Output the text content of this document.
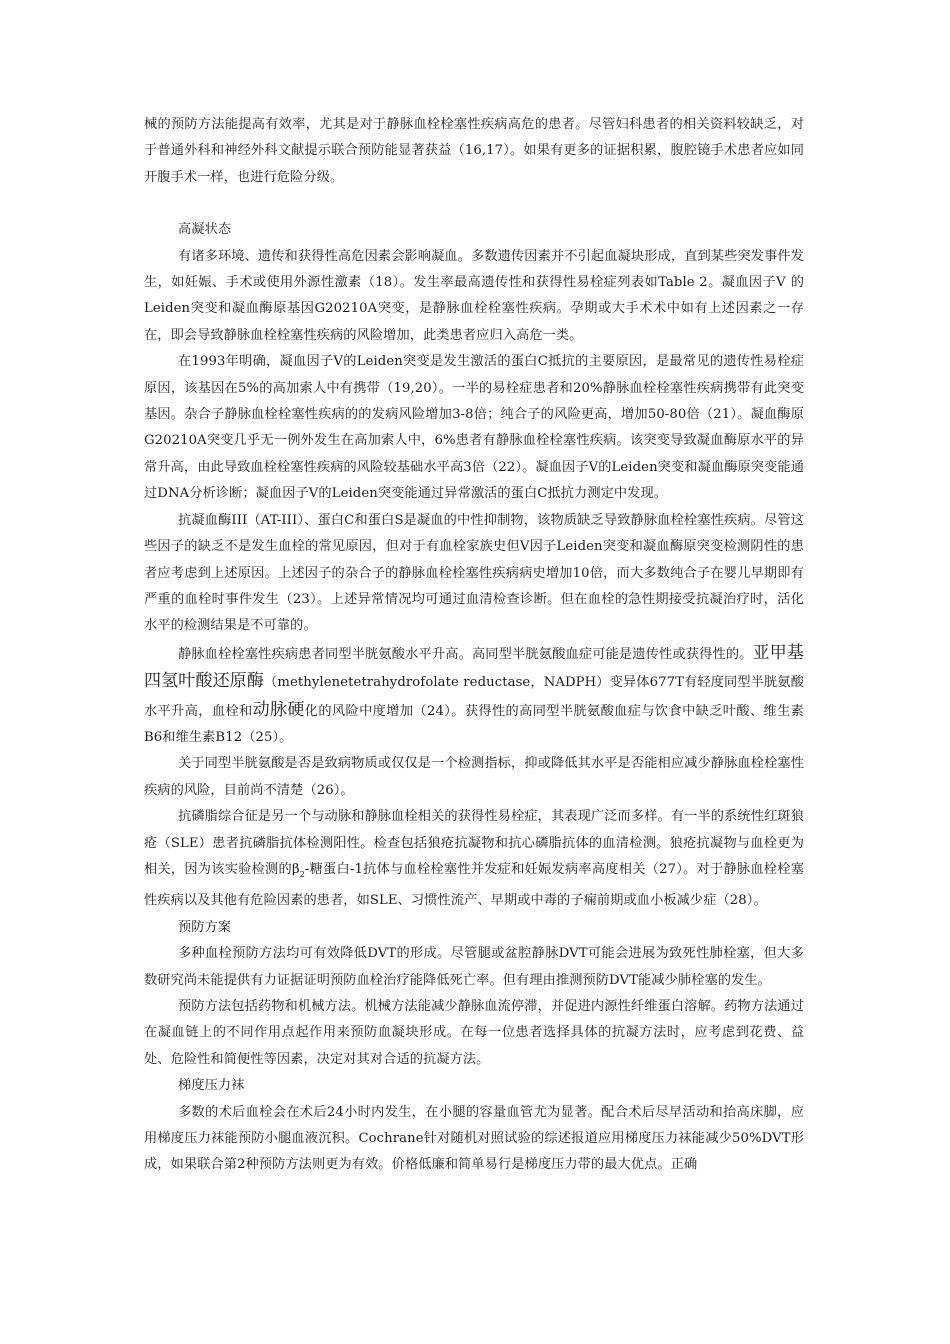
械的预防方法能提高有效率，尤其是对于静脉血栓栓塞性疾病高危的患者。尽管妇科患者的相关资料较缺乏，对于普通外科和神经外科文献提示联合预防能显著获益（16,17）。如果有更多的证据积累，腹腔镜手术患者应如同开腹手术一样，也进行危险分级。

高凝状态

有诸多环境、遗传和获得性高危因素会影响凝血。多数遗传因素并不引起血凝块形成，直到某些突发事件发生，如妊娠、手术或使用外源性激素（18）。发生率最高遗传性和获得性易栓症列表如Table 2。凝血因子Ⅴ 的Leiden突变和凝血酶原基因G20210A突变，是静脉血栓栓塞性疾病。孕期或大手术术中如有上述因素之一存在，即会导致静脉血栓栓塞性疾病的风险增加，此类患者应归入高危一类。

在1993年明确，凝血因子Ⅴ的Leiden突变是发生激活的蛋白C抵抗的主要原因，是最常见的遗传性易栓症原因，该基因在5%的高加索人中有携带（19,20）。一半的易栓症患者和20%静脉血栓栓塞性疾病携带有此突变基因。杂合子静脉血栓栓塞性疾病的的发病风险增加3-8倍；纯合子的风险更高，增加50-80倍（21）。凝血酶原G20210A突变几乎无一例外发生在高加索人中，6%患者有静脉血栓栓塞性疾病。该突变导致凝血酶原水平的异常升高，由此导致血栓栓塞性疾病的风险较基础水平高3倍（22）。凝血因子Ⅴ的Leiden突变和凝血酶原突变能通过DNA分析诊断；凝血因子Ⅴ的Leiden突变能通过异常激活的蛋白C抵抗力测定中发现。

抗凝血酶III（AT-III）、蛋白C和蛋白S是凝血的中性抑制物，该物质缺乏导致静脉血栓栓塞性疾病。尽管这些因子的缺乏不是发生血栓的常见原因，但对于有血栓家族史但Ⅴ因子Leiden突变和凝血酶原突变检测阴性的患者应考虑到上述原因。上述因子的杂合子的静脉血栓栓塞性疾病病史增加10倍，而大多数纯合子在婴儿早期即有严重的血栓时事件发生（23）。上述异常情况均可通过血清检查诊断。但在血栓的急性期接受抗凝治疗时，活化水平的检测结果是不可靠的。

静脉血栓栓塞性疾病患者同型半胱氨酸水平升高。高同型半胱氨酸血症可能是遗传性或获得性的。亚甲基四氢叶酸还原酶（methylenetetrahydrofolate reductase，NADPH）变异体677T有轻度同型半胱氨酸水平升高，血栓和动脉硬化的风险中度增加（24）。获得性的高同型半胱氨酸血症与饮食中缺乏叶酸、维生素B6和维生素B12（25）。

关于同型半胱氨酸是否是致病物质或仅仅是一个检测指标，抑或降低其水平是否能相应减少静脉血栓栓塞性疾病的风险，目前尚不清楚（26）。

抗磷脂综合征是另一个与动脉和静脉血栓相关的获得性易栓症，其表现广泛而多样。有一半的系统性红斑狼疮（SLE）患者抗磷脂抗体检测阳性。检查包括狼疮抗凝物和抗心磷脂抗体的血清检测。狼疮抗凝物与血栓更为相关，因为该实验检测的$\beta_2-$糖蛋白-1抗体与血栓栓塞性并发症和妊娠发病率高度相关（27）。对于静脉血栓栓塞性疾病以及其他有危险因素的患者，如SLE、习惯性流产、早期或中毒的子痫前期或血小板减少症（28）。

预防方案

多种血栓预防方法均可有效降低DVT的形成。尽管腿或盆腔静脉DVT可能会进展为致死性肺栓塞，但大多数研究尚未能提供有力证据证明预防血栓治疗能降低死亡率。但有理由推测预防DVT能减少肺栓塞的发生。

预防方法包括药物和机械方法。机械方法能减少静脉血流停滞，并促进内源性纤维蛋白溶解。药物方法通过在凝血链上的不同作用点起作用来预防血凝块形成。在每一位患者选择具体的抗凝方法时，应考虑到花费、益处、危险性和简便性等因素，决定对其对合适的抗凝方法。

梯度压力袜

多数的术后血栓会在术后24小时内发生，在小腿的容量血管尤为显著。配合术后尽早活动和抬高床脚，应用梯度压力袜能预防小腿血液沉积。Cochrane针对随机对照试验的综述报道应用梯度压力袜能减少50%DVT形成，如果联合第2种预防方法则更为有效。价格低廉和简单易行是梯度压力带的最大优点。正确
